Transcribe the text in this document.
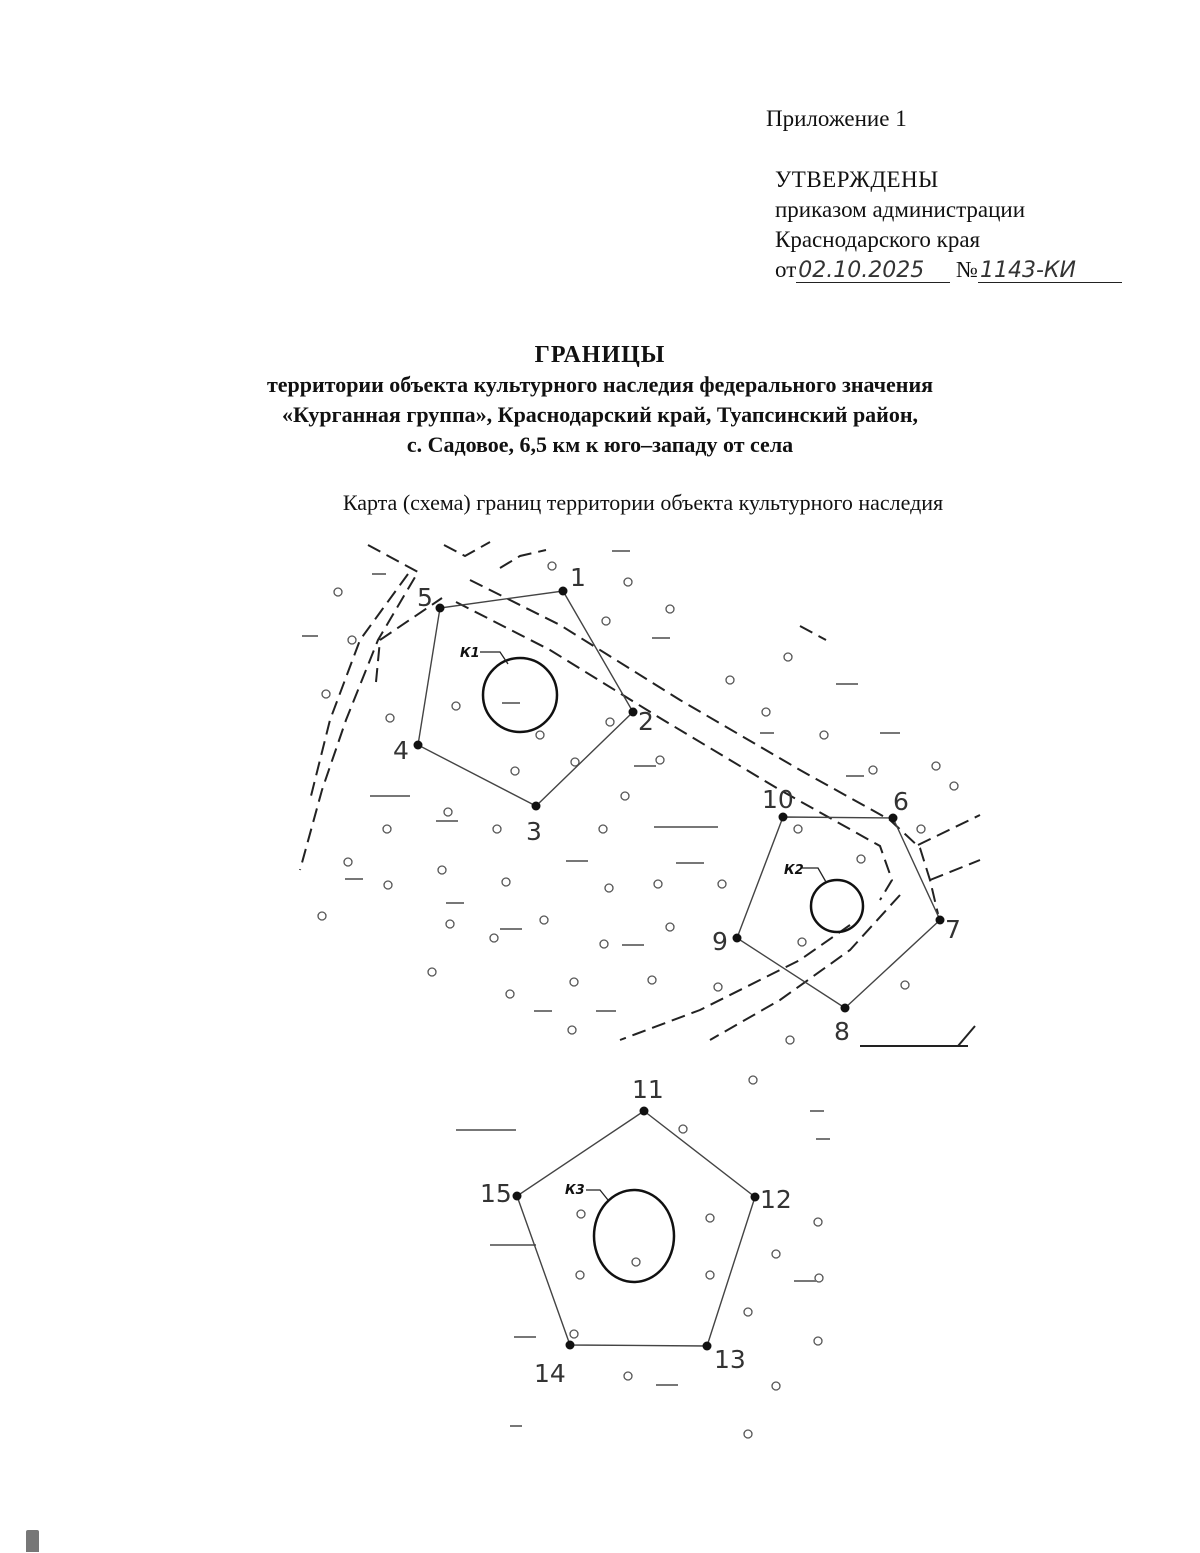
Приложение 1
УТВЕРЖДЕНЫ
приказом администрации
Краснодарского края
от02.10.2025 №1143-КИ
ГРАНИЦЫ
территории объекта культурного наследия федерального значения
«Курганная группа», Краснодарский край, Туапсинский район,
с. Садовое, 6,5 км к юго–западу от села
Карта (схема) границ территории объекта культурного наследия
К1
К2
К3
1
2
3
4
5
6
7
8
9
10
11
12
13
14
15
